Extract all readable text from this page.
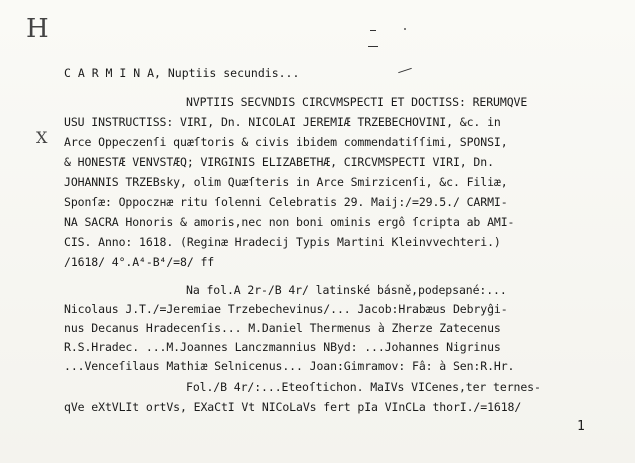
H
C A R M I N A, Nuptiis secundis...
NVPTIIS SECVNDIS CIRCVMSPECTI ET DOCTISS: RERUMQVE
USU INSTRUCTISS: VIRI, Dn. NICOLAI JEREMIÆ TRZEBECHOVINI, &c. in
X Arce Oppeczenſi quæſtoris & civis ibidem commendatiſſimi, SPONSI,
& HONESTÆ VENVSTÆQ; VIRGINIS ELIZABETHÆ, CIRCVMSPECTI VIRI, Dn.
JOHANNIS TRZEBsky, olim Quæſteris in Arce Smirzicenſi, &c. Filiæ,
Sponſæ: Oppoczнæ ritu ſolenni Celebratis 29. Maij:/=29.5./ CARMI-
NA SACRA Honoris & amoris,nec non boni ominis ergô ſcripta ab AMI-
CIS. Anno: 1618. (Reginæ Hradecij Typis Martini Kleinvvechteri.)
/1618/ 4°.A⁴-B⁴/=8/ ff
Na fol.A 2r-/B 4r/ latinské básně,podepsané:...
Nicolaus J.T./=Jeremiae Trzebechevinus/... Jacob:Hrabæus Debryĝi-
nus Decanus Hradecenſis... M.Daniel Thermenus à Zherze Zatecenus
R.S.Hradec. ...M.Joannes Lanczmannius NByd: ...Johannes Nigrinus
...Venceſilaus Mathiæ Selnicenus... Joan:Gimramov: Fâ: à Sen:R.Hr.
Fol./B 4r/:...Eteoſtichon. MaIVs VICenes,ter ternes-
qVe eXtVLIt ortVs, EXaCtI Vt NICoLaVs fert pIa VInCLa thorI./=1618/
1
